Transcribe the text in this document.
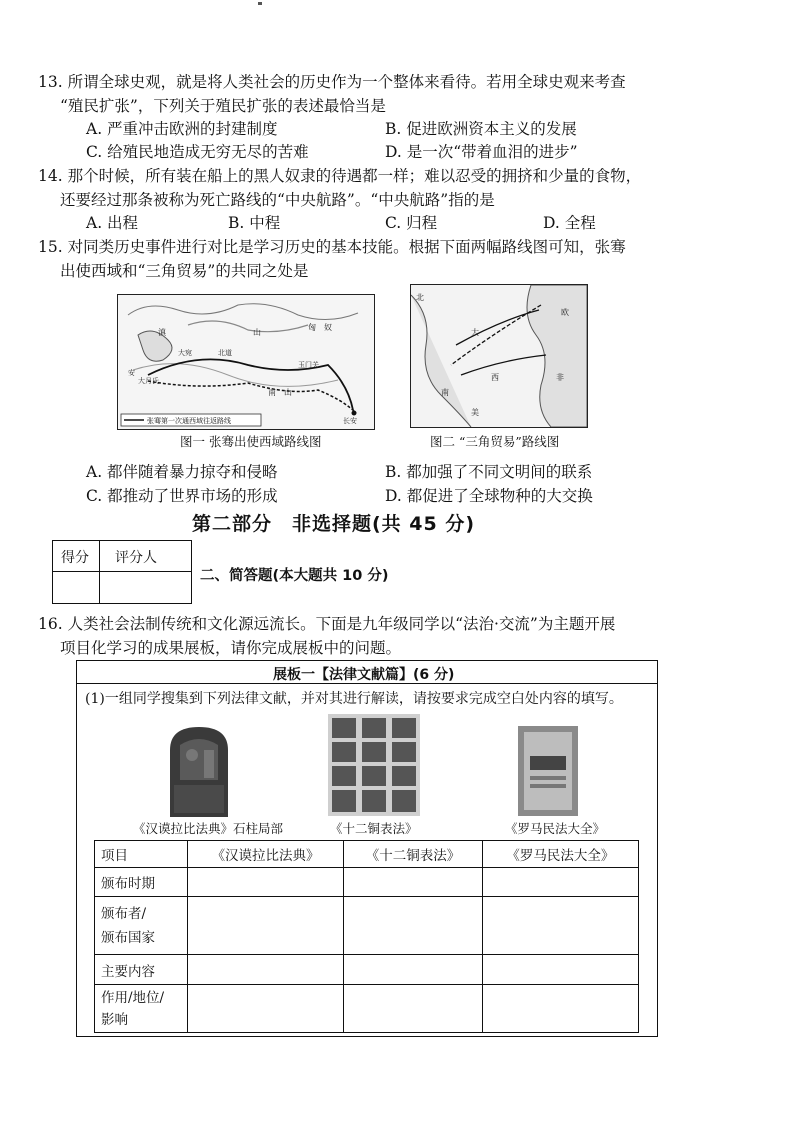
13. 所谓全球史观，就是将人类社会的历史作为一个整体来看待。若用全球史观来考查
“殖民扩张”，下列关于殖民扩张的表述最恰当是
A. 严重冲击欧洲的封建制度	B. 促进欧洲资本主义的发展
C. 给殖民地造成无穷无尽的苦难	D. 是一次“带着血泪的进步”
14. 那个时候，所有装在船上的黑人奴隶的待遇都一样；难以忍受的拥挤和少量的食物，
还要经过那条被称为死亡路线的“中央航路”。“中央航路”指的是
A. 出程	B. 中程	C. 归程	D. 全程
15. 对同类历史事件进行对比是学习历史的基本技能。根据下面两幅路线图可知，张骞
出使西域和“三角贸易”的共同之处是
滇	山
匈　奴
大宛	北道
南　山
安
大月氏
玉门关
长安
张骞第一次通西域往返路线
图一 张骞出使西域路线图
北
大
西
欧
非
南
美
图二 “三角贸易”路线图
A. 都伴随着暴力掠夺和侵略	B. 都加强了不同文明间的联系
C. 都推动了世界市场的形成	D. 都促进了全球物种的大交换
第二部分　非选择题(共 45 分)
得分 评分人
二、简答题(本大题共 10 分)
16. 人类社会法制传统和文化源远流长。下面是九年级同学以“法治·交流”为主题开展
项目化学习的成果展板，请你完成展板中的问题。
展板一【法律文献篇】(6 分)
(1)一组同学搜集到下列法律文献，并对其进行解读，请按要求完成空白处内容的填写。
《汉谟拉比法典》石柱局部	《十二铜表法》	《罗马民法大全》
项目	《汉谟拉比法典》	《十二铜表法》	《罗马民法大全》
颁布时期			
颁布者/
颁布国家			
主要内容			
作用/地位/
影响			
